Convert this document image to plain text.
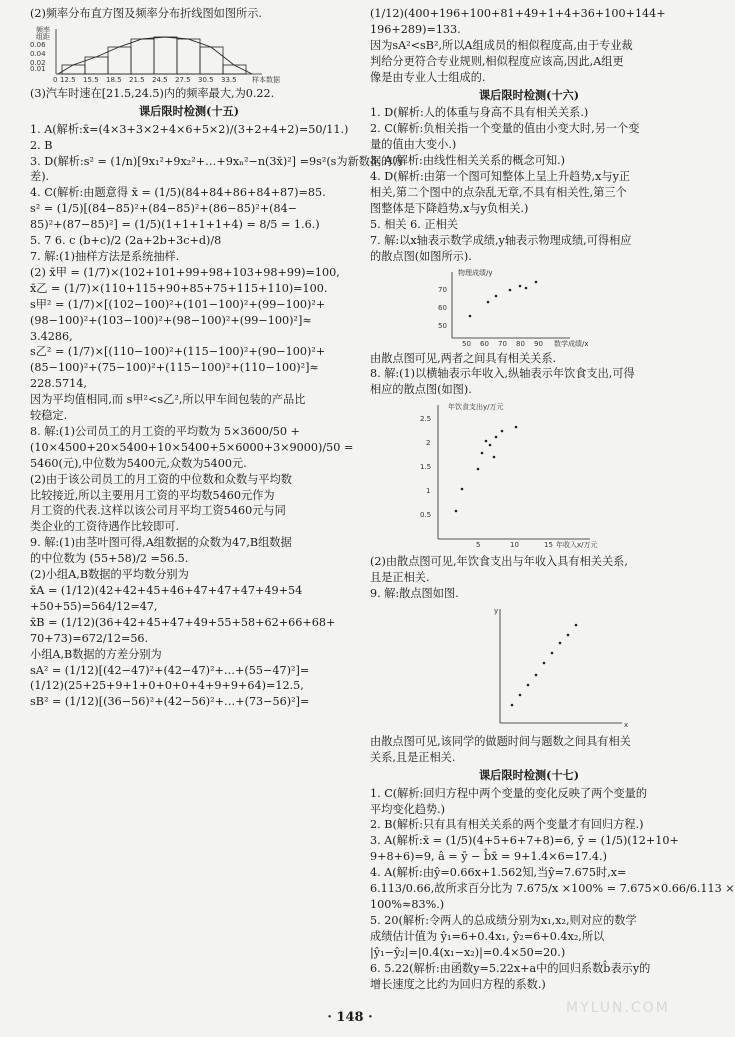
(2)频率分布直方图及频率分布折线图如图所示.
频率
组距
0.06
0.04
0.02
0.01
0 12.5 15.5 18.5 21.5 24.5 27.5 30.5 33.5 样本数据
(3)汽车时速在[21.5,24.5)内的频率最大,为0.22.
课后限时检测(十五)
1. A(解析:x̄=(4×3+3×2+4×6+5×2)/(3+2+4+2)=50/11.)
2. B
3. D(解析:s² = (1/n)[9x₁²+9x₂²+…+9xₙ²−n(3x̄)²] =9s²(s为新数据的方
差).
4. C(解析:由题意得 x̄ = (1/5)(84+84+86+84+87)=85.
s² = (1/5)[(84−85)²+(84−85)²+(86−85)²+(84−
85)²+(87−85)²] = (1/5)(1+1+1+1+4) = 8/5 = 1.6.)
5. 7 6. c (b+c)/2 (2a+2b+3c+d)/8
7. 解:(1)抽样方法是系统抽样.
(2) x̄甲 = (1/7)×(102+101+99+98+103+98+99)=100,
x̄乙 = (1/7)×(110+115+90+85+75+115+110)=100.
s甲² = (1/7)×[(102−100)²+(101−100)²+(99−100)²+
(98−100)²+(103−100)²+(98−100)²+(99−100)²]≈
3.4286,
s乙² = (1/7)×[(110−100)²+(115−100)²+(90−100)²+
(85−100)²+(75−100)²+(115−100)²+(110−100)²]≈
228.5714,
因为平均值相同,而 s甲²<s乙²,所以甲车间包装的产品比
较稳定.
8. 解:(1)公司员工的月工资的平均数为 5×3600/50 +
(10×4500+20×5400+10×5400+5×6000+3×9000)/50 =
5460(元),中位数为5400元,众数为5400元.
(2)由于该公司员工的月工资的中位数和众数与平均数
比较接近,所以主要用月工资的平均数5460元作为
月工资的代表.这样以该公司月平均工资5460元与同
类企业的工资待遇作比较即可.
9. 解:(1)由茎叶图可得,A组数据的众数为47,B组数据
的中位数为 (55+58)/2 =56.5.
(2)小组A,B数据的平均数分别为
x̄A = (1/12)(42+42+45+46+47+47+47+49+54
+50+55)=564/12=47,
x̄B = (1/12)(36+42+45+47+49+55+58+62+66+68+
70+73)=672/12=56.
小组A,B数据的方差分别为
sA² = (1/12)[(42−47)²+(42−47)²+…+(55−47)²]=
(1/12)(25+25+9+1+0+0+0+4+9+9+64)=12.5,
sB² = (1/12)[(36−56)²+(42−56)²+…+(73−56)²]=
(1/12)(400+196+100+81+49+1+4+36+100+144+
196+289)=133.
因为sA²<sB²,所以A组成员的相似程度高,由于专业裁
判给分更符合专业规则,相似程度应该高,因此,A组更
像是由专业人士组成的.
课后限时检测(十六)
1. D(解析:人的体重与身高不具有相关关系.)
2. C(解析:负相关指一个变量的值由小变大时,另一个变
量的值由大变小.)
3. A(解析:由线性相关关系的概念可知.)
4. D(解析:由第一个图可知整体上呈上升趋势,x与y正
相关,第二个图中的点杂乱无章,不具有相关性,第三个
图整体是下降趋势,x与y负相关.)
5. 相关 6. 正相关
7. 解:以x轴表示数学成绩,y轴表示物理成绩,可得相应
的散点图(如图所示).
物理成绩/y
70
60
50
50 60 70 80 90 数学成绩/x
由散点图可见,两者之间具有相关关系.
8. 解:(1)以横轴表示年收入,纵轴表示年饮食支出,可得
相应的散点图(如图).
年饮食支出y/万元
2.5
2
1.5
1
0.5
5	10	15 年收入x/万元
(2)由散点图可见,年饮食支出与年收入具有相关关系,
且是正相关.
9. 解:散点图如图.
y
x
由散点图可见,该同学的做题时间与题数之间具有相关
关系,且是正相关.
课后限时检测(十七)
1. C(解析:回归方程中两个变量的变化反映了两个变量的
平均变化趋势.)
2. B(解析:只有具有相关关系的两个变量才有回归方程.)
3. A(解析:x̄ = (1/5)(4+5+6+7+8)=6, ȳ = (1/5)(12+10+
9+8+6)=9, â = ȳ − b̂x̄ = 9+1.4×6=17.4.)
4. A(解析:由ŷ=0.66x+1.562知,当ŷ=7.675时,x=
6.113/0.66,故所求百分比为 7.675/x ×100% = 7.675×0.66/6.113 ×
100%≈83%.)
5. 20(解析:令两人的总成绩分别为x₁,x₂,则对应的数学
成绩估计值为 ŷ₁=6+0.4x₁, ŷ₂=6+0.4x₂,所以
|ŷ₁−ŷ₂|=|0.4(x₁−x₂)|=0.4×50=20.)
6. 5.22(解析:由函数y=5.22x+a中的回归系数b̂表示y的
增长速度之比约为回归方程的系数.)
· 148 ·
MYLUN.COM
